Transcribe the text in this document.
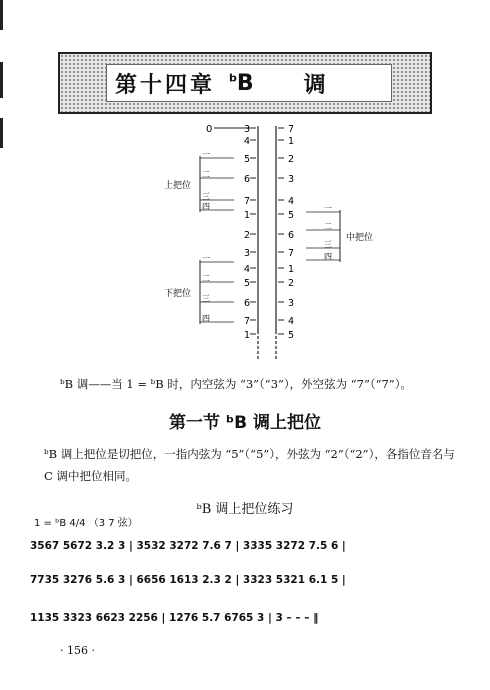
第十四章 $^b$B 调
0	3	7
4	1
5	2
6	3
7	4
1	5
2	6
3	7
4	1
5	2
6	3
7	4
1	5
上把位
一
二
三
四
中把位
一
二
三
四
下把位
一
二
三
四
ᵇB 调——当 1 = ᵇB 时，内空弦为 “3”（“3”），外空弦为 “7”（“7”）。
第一节 ᵇB 调上把位
ᵇB 调上把位是切把位，一指内弦为 “5”（“5”），外弦为 “2”（“2”），各指位音名与
C 调中把位相同。
ᵇB 调上把位练习
1 = ᵇB 4/4 （3 7 弦）
3567 5672 3.2 3 | 3532 3272 7.6 7 | 3335 3272 7.5 6 |
7735 3276 5.6 3 | 6656 1613 2.3 2 | 3323 5321 6.1 5 |
1135 3323 6623 2256 | 1276 5.7 6765 3 | 3 – – – ‖
· 156 ·
